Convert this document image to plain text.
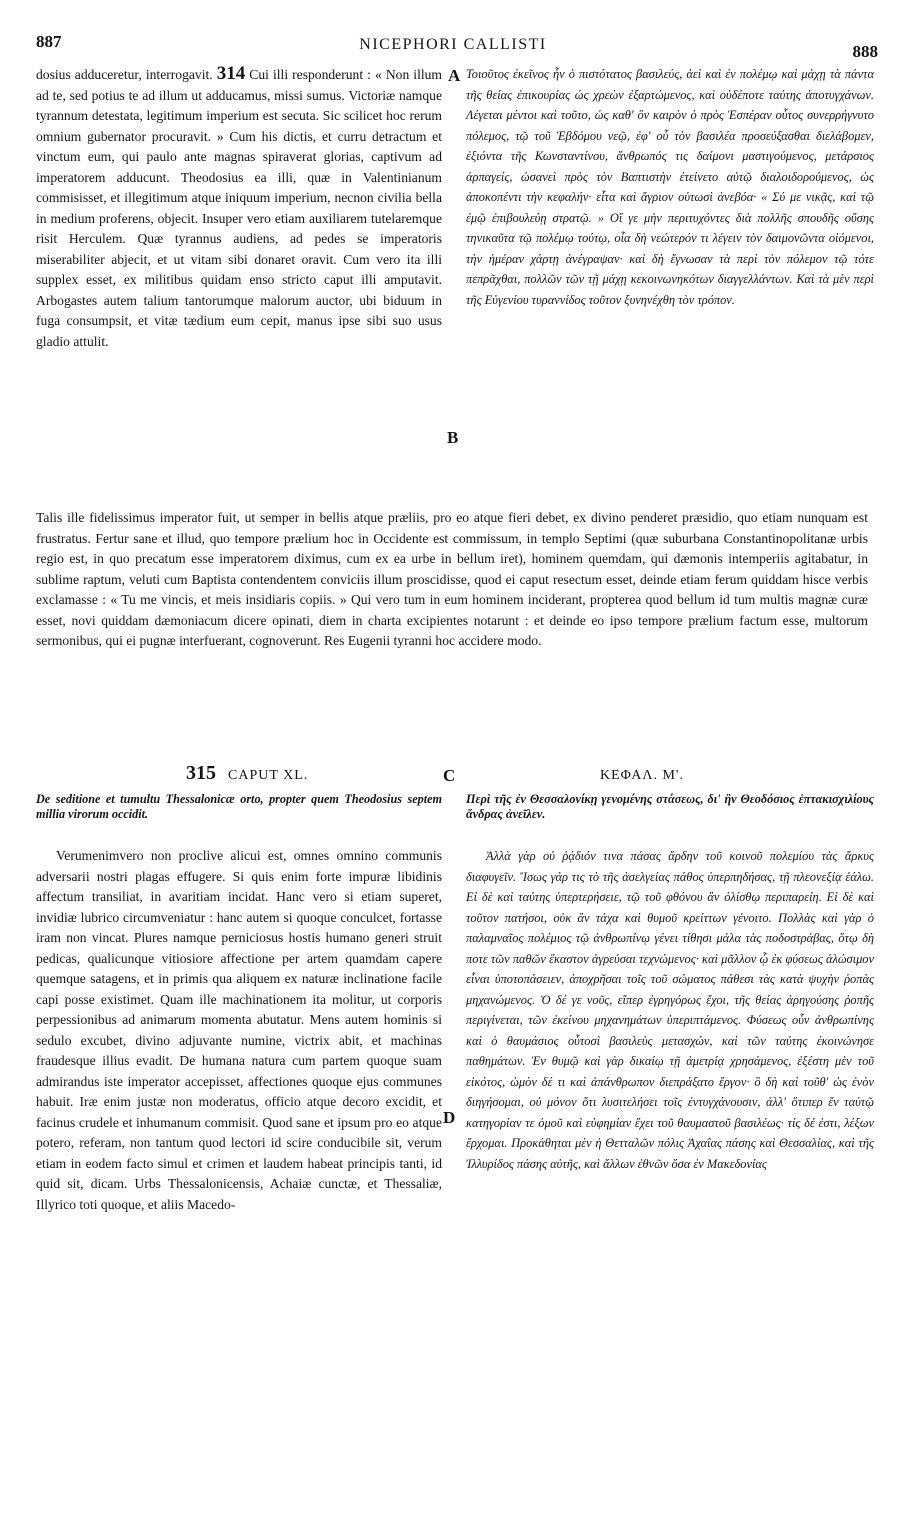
887	NICEPHORI CALLISTI	888

dosius adduceretur, interrogavit. 314 Cui illi responderunt : « Non illum ad te, sed potius te ad illum ut adducamus, missi sumus. Victoriæ namque tyrannum detestata, legitimum imperium est secuta. Sic scilicet hoc rerum omnium gubernator procuravit. » Cum his dictis, et curru detractum et vinctum eum, qui paulo ante magnas spiraverat glorias, captivum ad imperatorem adducunt. Theodosius ea illi, quæ in Valentinianum commisisset, et illegitimum atque iniquum imperium, necnon civilia bella in medium proferens, objecit. Insuper vero etiam auxiliarem tutelaremque risit Herculem. Quæ tyrannus audiens, ad pedes se imperatoris miserabiliter abjecit, et ut vitam sibi donaret oravit. Cum vero ita illi supplex esset, ex militibus quidam enso stricto caput illi amputavit. Arbogastes autem talium tantorumque malorum auctor, ubi biduum in fuga consumpsit, et vitæ tædium eum cepit, manus ipse sibi suo usus gladio attulit.

A
B

Τοιοῦτος ἐκεῖνος ἦν ὁ πιστότατος βασιλεύς, ἀεὶ καὶ ἐν πολέμῳ καὶ μάχῃ τὰ πάντα τῆς θείας ἐπικουρίας ὡς χρεὼν ἐξαρτώμενος, καὶ οὐδέποτε ταύτης ἀποτυγχάνων. Λέγεται μέντοι καὶ τοῦτο, ὡς καθ' ὃν καιρὸν ὁ πρὸς Ἑσπέραν οὗτος συνερρήγνυτο πόλεμος, τῷ τοῦ Ἑβδόμου νεῷ, ἐφ' οὗ τὸν βασιλέα προσεύξασθαι διελάβομεν, ἐξιόντα τῆς Κωνσταντίνου, ἄνθρωπός τις δαίμονι μαστιγούμενος, μετάρσιος ἁρπαγείς, ὡσανεὶ πρὸς τὸν Βαπτιστὴν ἐτείνετο αὐτῷ διαλοιδορούμενος, ὡς ἀποκοπέντι τὴν κεφαλήν· εἶτα καὶ ἄγριον οὑτωσὶ ἀνεβόα· « Σύ με νικᾷς, καὶ τῷ ἐμῷ ἐπιβουλεύῃ στρατῷ. » Οἵ γε μὴν περιτυχόντες διὰ πολλῆς σπουδῆς οὔσης τηνικαῦτα τῷ πολέμῳ τούτῳ, οἷα δὴ νεώτερόν τι λέγειν τὸν δαιμονῶντα οἰόμενοι, τὴν ἡμέραν χάρτῃ ἀνέγραψαν· καὶ δὴ ἔγνωσαν τὰ περὶ τὸν πόλεμον τῷ τότε πεπρᾶχθαι, πολλῶν τῶν τῇ μάχῃ κεκοινωνηκότων διαγγελλάντων. Καὶ τὰ μὲν περὶ τῆς Εὐγενίου τυραννίδος τοῦτον ξυνηνέχθη τὸν τρόπον.

Talis ille fidelissimus imperator fuit, ut semper in bellis atque præliis, pro eo atque fieri debet, ex divino penderet præsidio, quo etiam nunquam est frustratus. Fertur sane et illud, quo tempore prælium hoc in Occidente est commissum, in templo Septimi (quæ suburbana Constantinopolitanæ urbis regio est, in quo precatum esse imperatorem diximus, cum ex ea urbe in bellum iret), hominem quemdam, qui dæmonis intemperiis agitabatur, in sublime raptum, veluti cum Baptista contendentem conviciis illum proscidisse, quod ei caput resectum esset, deinde etiam ferum quiddam hisce verbis exclamasse : « Tu me vincis, et meis insidiaris copiis. » Qui vero tum in eum hominem inciderant, propterea quod bellum id tum multis magnæ curæ esset, novi quiddam dæmoniacum dicere opinati, diem in charta excipientes notarunt : et deinde eo ipso tempore prælium factum esse, multorum sermonibus, qui ei pugnæ interfuerant, cognoverunt. Res Eugenii tyranni hoc accidere modo.

315 CAPUT XL.	C	ΚΕΦΑΛ. Μ'.
De seditione et tumultu Thessalonicæ orto, propter quem Theodosius septem millia virorum occidit.
Περὶ τῆς ἐν Θεσσαλονίκῃ γενομένης στάσεως, δι' ἣν Θεοδόσιος ἑπτακισχιλίους ἄνδρας ἀνεῖλεν.

Verumenimvero non proclive alicui est, omnes omnino communis adversarii nostri plagas effugere. Si quis enim forte impuræ libidinis affectum transiliat, in avaritiam incidat. Hanc vero si etiam superet, invidiæ lubrico circumveniatur : hanc autem si quoque conculcet, fortasse iram non vincat. Plures namque perniciosus hostis humano generi struit pedicas, qualicunque vitiosiore affectione per artem quamdam capere quemque satagens, et in primis qua aliquem ex naturæ inclinatione facile capi posse existimet. Quam ille machinationem ita molitur, ut corporis perpessionibus ad animarum momenta abutatur. Mens autem hominis si sedulo excubet, divino adjuvante numine, victrix abit, et machinas fraudesque illius evadit. De humana natura cum partem quoque suam admirandus iste imperator accepisset, affectiones quoque ejus communes habuit. Iræ enim justæ non moderatus, officio atque decoro excidit, et facinus crudele et inhumanum commisit. Quod sane et ipsum pro eo atque potero, referam, non tantum quod lectori id scire conducibile sit, verum etiam in eodem facto simul et crimen et laudem habeat principis tanti, id quid sit, dicam. Urbs Thessalonicensis, Achaiæ cunctæ, et Thessaliæ, Illyrico toti quoque, et aliis Macedo-

D

Ἀλλὰ γὰρ οὐ ῥᾴδιόν τινα πάσας ἄρδην τοῦ κοινοῦ πολεμίου τὰς ἄρκυς διαφυγεῖν. Ἴσως γάρ τις τὸ τῆς ἀσελγείας πάθος ὑπερπηδήσας, τῇ πλεονεξίᾳ ἑάλω. Εἰ δὲ καὶ ταύτης ὑπερτερήσειε, τῷ τοῦ φθόνου ἂν ὀλίσθῳ περιπαρείη. Εἰ δὲ καὶ τοῦτον πατήσοι, οὐκ ἂν τάχα καὶ θυμοῦ κρείττων γένοιτο. Πολλὰς καὶ γὰρ ὁ παλαμναῖος πολέμιος τῷ ἀνθρωπίνῳ γένει τίθησι μάλα τὰς ποδοστράβας, ὅτῳ δὴ ποτε τῶν παθῶν ἕκαστον ἀγρεύσαι τεχνώμενος· καὶ μᾶλλον ᾧ ἐκ φύσεως ἁλώσιμον εἶναι ὑποτοπάσειεν, ἀποχρῆσαι τοῖς τοῦ σώματος πάθεσι τὰς κατὰ ψυχὴν ῥοπὰς μηχανώμενος. Ὁ δέ γε νοῦς, εἴπερ ἐγρηγόρως ἔχοι, τῆς θείας ἀρηγούσης ῥοπῆς περιγίνεται, τῶν ἐκείνου μηχανημάτων ὑπεριπτάμενος. Φύσεως οὖν ἀνθρωπίνης καὶ ὁ θαυμάσιος οὗτοσὶ βασιλεὺς μετασχών, καὶ τῶν ταύτης ἐκοινώνησε παθημάτων. Ἐν θυμῷ καὶ γὰρ δικαίῳ τῇ ἀμετρίᾳ χρησάμενος, ἐξέστη μὲν τοῦ εἰκότος, ὠμὸν δέ τι καὶ ἀπάνθρωπον διεπράξατο ἔργον· ὃ δὴ καὶ τοῦθ' ὡς ἐνὸν διηγήσομαι, οὐ μόνον ὅτι λυσιτελήσει τοῖς ἐντυγχάνουσιν, ἀλλ' ὅτιπερ ἔν ταὐτῷ κατηγορίαν τε ὁμοῦ καὶ εὐφημίαν ἔχει τοῦ θαυμαστοῦ βασιλέως· τίς δέ ἐστι, λέξων ἔρχομαι. Προκάθηται μὲν ἡ Θετταλῶν πόλις Ἀχαΐας πάσης καὶ Θεσσαλίας, καὶ τῆς Ἰλλυρίδος πάσης αὐτῆς, καὶ ἄλλων ἐθνῶν ὅσα ἐν Μακεδονίας
